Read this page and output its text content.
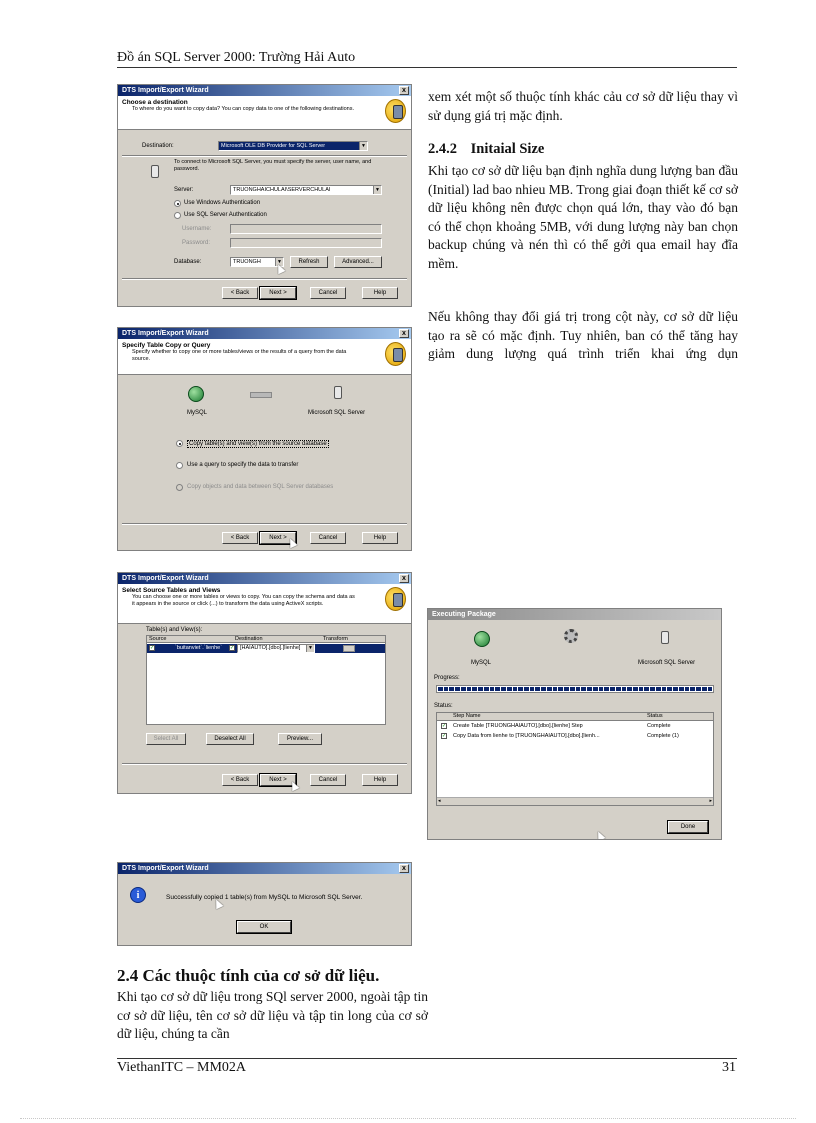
Đồ án SQL Server 2000: Trường Hải Auto
ViethanITC – MM02A	31
xem xét một số thuộc tính khác cảu cơ sở dữ liệu thay vì sử dụng giá trị mặc định.
2.4.2 Initaial Size
Khi tạo cơ sở dữ liệu bạn định nghĩa dung lượng ban đầu (Initial) lad bao nhieu MB. Trong giai đoạn thiết kế cơ sở dữ liệu không nên được chọn quá lớn, thay vào đó bạn có thể chọn khoảng 5MB, với dung lượng này ban chọn backup chúng và nén thì có thể gởi qua email hay đĩa mềm.
Nếu không thay đổi giá trị trong cột này, cơ sở dữ liệu tạo ra sẽ có mặc định. Tuy nhiên, ban có thể tăng hay giảm dung lượng quá trình triển khai ứng dụn
2.4 Các thuộc tính của cơ sở dữ liệu.
Khi tạo cơ sở dữ liệu trong SQl server 2000, ngoài tập tin cơ sở dữ liệu, tên cơ sở dữ liệu và tập tin long của cơ sở dữ liệu, chúng ta cần
DTS Import/Export Wizard	x
Choose a destination
To where do you want to copy data? You can copy data to one of the following destinations.
Destination:	Microsoft OLE DB Provider for SQL Server	▼
To connect to Microsoft SQL Server, you must specify the server, user name, and password.
Server:	TRUONGHAICHULAI\SERVERCHULAI	▼
Use Windows Authentication
Use SQL Server Authentication
Username:
Password:
Database:	TRUONGH	▼	Refresh	Advanced...
< Back	Next >	Cancel	Help
DTS Import/Export Wizard	x
Specify Table Copy or Query
Specify whether to copy one or more tables/views or the results of a query from the data source.
MySQL	Microsoft SQL Server
Copy table(s) and view(s) from the source database
Use a query to specify the data to transfer
Copy objects and data between SQL Server databases
< Back	Next >	Cancel	Help
DTS Import/Export Wizard	x
Select Source Tables and Views
You can choose one or more tables or views to copy. You can copy the schema and data as it appears in the source or click (...) to transform the data using ActiveX scripts.
Table(s) and View(s):
Source	Destination	Transform
✓	`buitanviet`.`lienhe` ✓	[HAIAUTO].[dbo].[lienhe]	▼
Select All	Deselect All	Preview...
< Back	Next >	Cancel	Help
Executing Package
MySQL	Microsoft SQL Server
Progress:
Status:
Step Name	Status
✓ Create Table [TRUONGHAIAUTO].[dbo].[lienhe] Step	Complete
✓ Copy Data from lienhe to [TRUONGHAIAUTO].[dbo].[lienh...	Complete (1)
◂	▸
Done
DTS Import/Export Wizard	x
i	Successfully copied 1 table(s) from MySQL to Microsoft SQL Server.
OK
